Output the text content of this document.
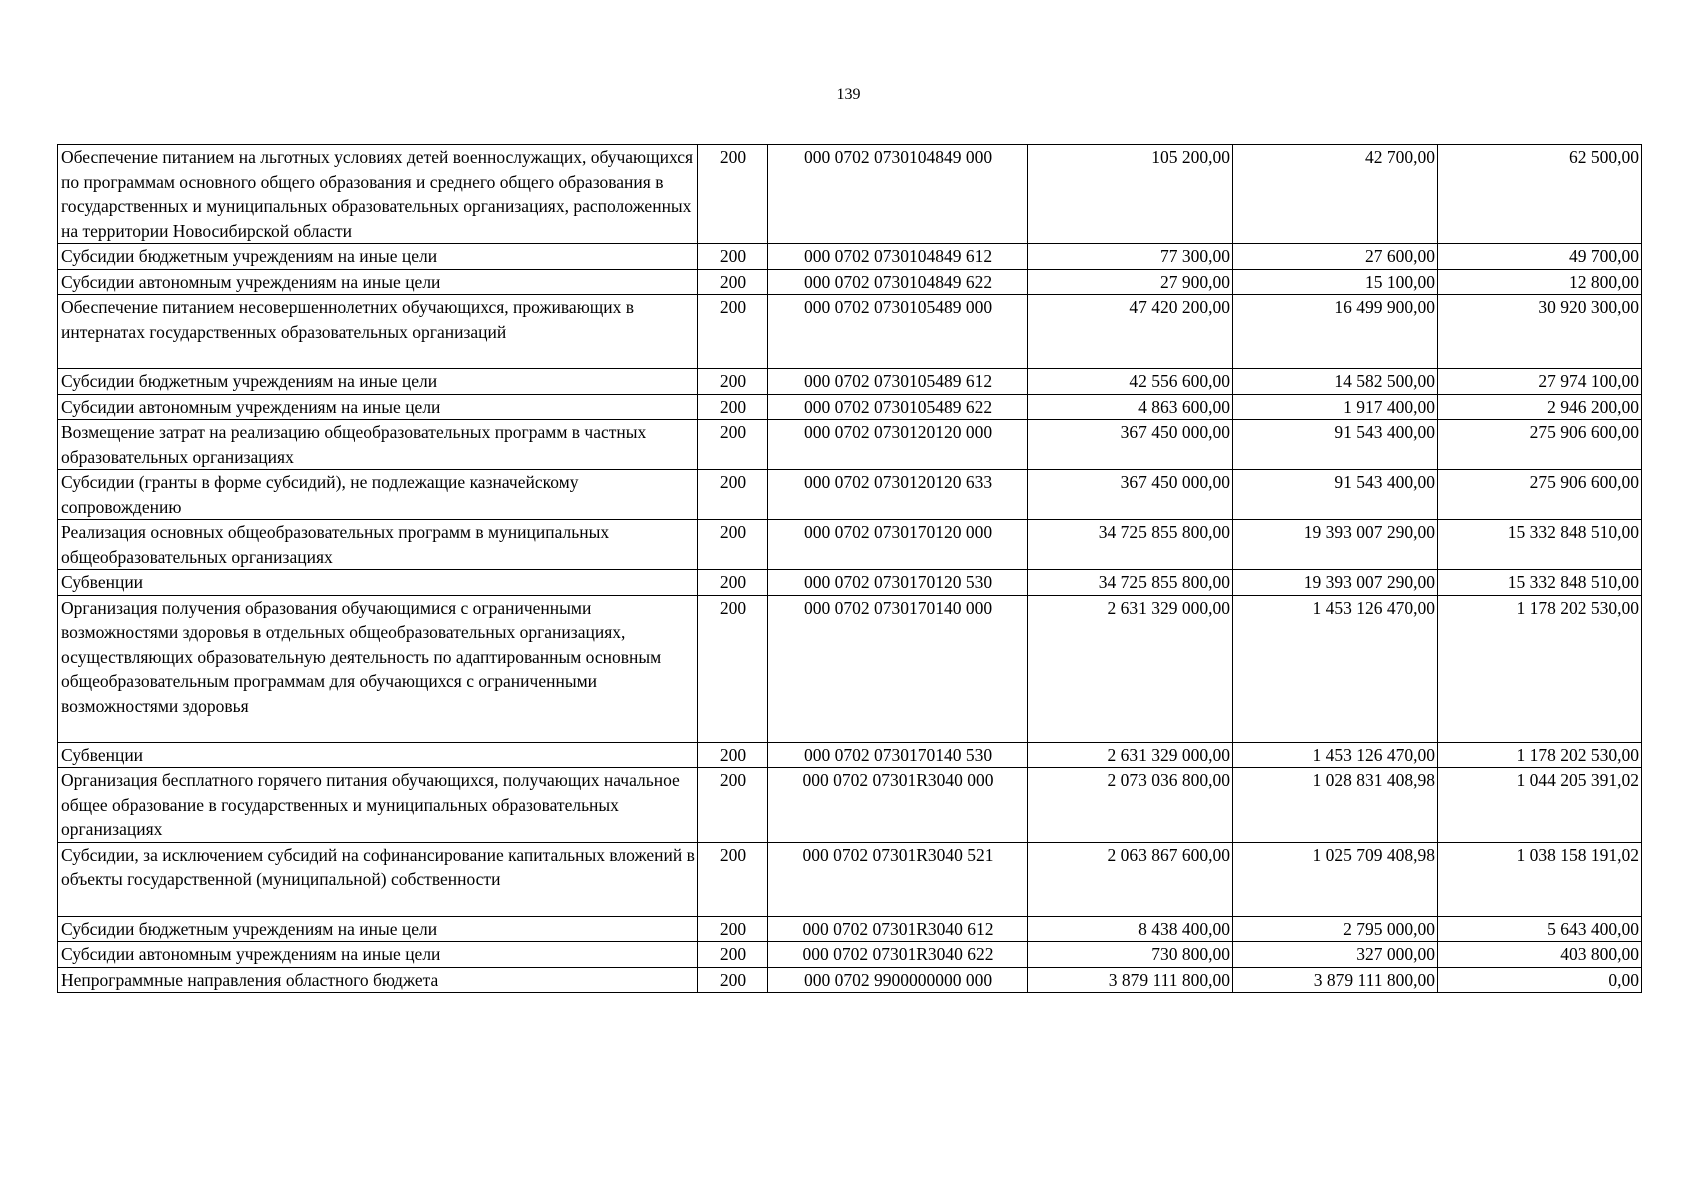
139
Обеспечение питанием на льготных условиях детей военнослужащих, обучающихся по программам основного общего образования и среднего общего образования в государственных и муниципальных образовательных организациях, расположенных на территории Новосибирской области	200	000 0702 0730104849 000	105 200,00	42 700,00	62 500,00
Субсидии бюджетным учреждениям на иные цели	200	000 0702 0730104849 612	77 300,00	27 600,00	49 700,00
Субсидии автономным учреждениям на иные цели	200	000 0702 0730104849 622	27 900,00	15 100,00	12 800,00
Обеспечение питанием несовершеннолетних обучающихся, проживающих в интернатах государственных образовательных организаций	200	000 0702 0730105489 000	47 420 200,00	16 499 900,00	30 920 300,00
Субсидии бюджетным учреждениям на иные цели	200	000 0702 0730105489 612	42 556 600,00	14 582 500,00	27 974 100,00
Субсидии автономным учреждениям на иные цели	200	000 0702 0730105489 622	4 863 600,00	1 917 400,00	2 946 200,00
Возмещение затрат на реализацию общеобразовательных программ в частных образовательных организациях	200	000 0702 0730120120 000	367 450 000,00	91 543 400,00	275 906 600,00
Субсидии (гранты в форме субсидий), не подлежащие казначейскому сопровождению	200	000 0702 0730120120 633	367 450 000,00	91 543 400,00	275 906 600,00
Реализация основных общеобразовательных программ в муниципальных общеобразовательных организациях	200	000 0702 0730170120 000	34 725 855 800,00	19 393 007 290,00	15 332 848 510,00
Субвенции	200	000 0702 0730170120 530	34 725 855 800,00	19 393 007 290,00	15 332 848 510,00
Организация получения образования обучающимися с ограниченными возможностями здоровья в отдельных общеобразовательных организациях, осуществляющих образовательную деятельность по адаптированным основным общеобразовательным программам для обучающихся с ограниченными возможностями здоровья	200	000 0702 0730170140 000	2 631 329 000,00	1 453 126 470,00	1 178 202 530,00
Субвенции	200	000 0702 0730170140 530	2 631 329 000,00	1 453 126 470,00	1 178 202 530,00
Организация бесплатного горячего питания обучающихся, получающих начальное общее образование в государственных и муниципальных образовательных организациях	200	000 0702 07301R3040 000	2 073 036 800,00	1 028 831 408,98	1 044 205 391,02
Субсидии, за исключением субсидий на софинансирование капитальных вложений в объекты государственной (муниципальной) собственности	200	000 0702 07301R3040 521	2 063 867 600,00	1 025 709 408,98	1 038 158 191,02
Субсидии бюджетным учреждениям на иные цели	200	000 0702 07301R3040 612	8 438 400,00	2 795 000,00	5 643 400,00
Субсидии автономным учреждениям на иные цели	200	000 0702 07301R3040 622	730 800,00	327 000,00	403 800,00
Непрограммные направления областного бюджета	200	000 0702 9900000000 000	3 879 111 800,00	3 879 111 800,00	0,00
